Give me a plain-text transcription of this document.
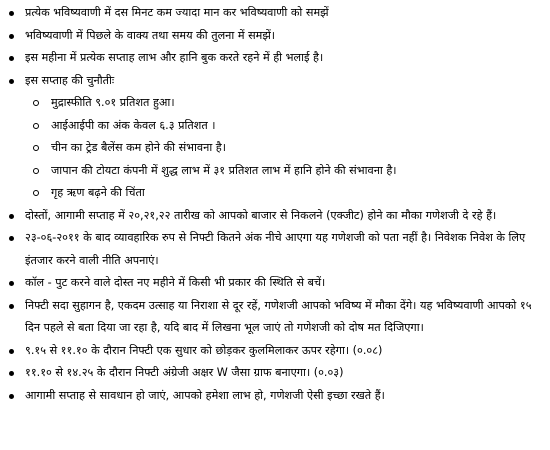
प्रत्येक भविष्यवाणी में दस मिनट कम ज्यादा मान कर भविष्यवाणी को समझें
भविष्यवाणी में पिछले के वाक्य तथा समय की तुलना में समझें।
इस महीना में प्रत्येक सप्ताह लाभ और हानि बुक करते रहने में ही भलाई है।
इस सप्ताह की चुनौतीः
मुद्रास्फीति ९.०१ प्रतिशत हुआ।
आईआईपी का अंक केवल ६.३ प्रतिशत ।
चीन का ट्रेड बैलेंस कम होने की संभावना है।
जापान की टोयटा कंपनी में शुद्ध लाभ में ३१ प्रतिशत लाभ में हानि होने की संभावना है।
गृह ऋण बढ़ने की चिंता
दोस्तों, आगामी सप्ताह में २०,२१,२२ तारीख को आपको बाजार से निकलने (एक्जीट) होने का मौका गणेशजी दे रहे हैं।
२३-०६-२०११ के बाद व्यावहारिक रुप से निफ्टी कितने अंक नीचे आएगा यह गणेशजी को पता नहीं है। निवेशक निवेश के लिए इंतजार करने वाली नीति अपनाएं।
कॉल - पुट करने वाले दोस्त नए महीने में किसी भी प्रकार की स्थिति से बचें।
निफ्टी सदा सुहागन है, एकदम उत्साह या निराशा से दूर रहें, गणेशजी आपको भविष्य में मौका देंगे। यह भविष्यवाणी आपको १५ दिन पहले से बता दिया जा रहा है, यदि बाद में लिखना भूल जाएं तो गणेशजी को दोष मत दिजिएगा।
९.१५ से ११.१० के दौरान निफ्टी एक सुधार को छोड़कर कुलमिलाकर ऊपर रहेगा। (०.०८)
११.१० से १४.२५ के दौरान निफ्टी अंग्रेजी अक्षर W जैसा ग्राफ बनाएगा। (०.०३)
आगामी सप्ताह से सावधान हो जाएं, आपको हमेशा लाभ हो, गणेशजी ऐसी इच्छा रखते हैं।
